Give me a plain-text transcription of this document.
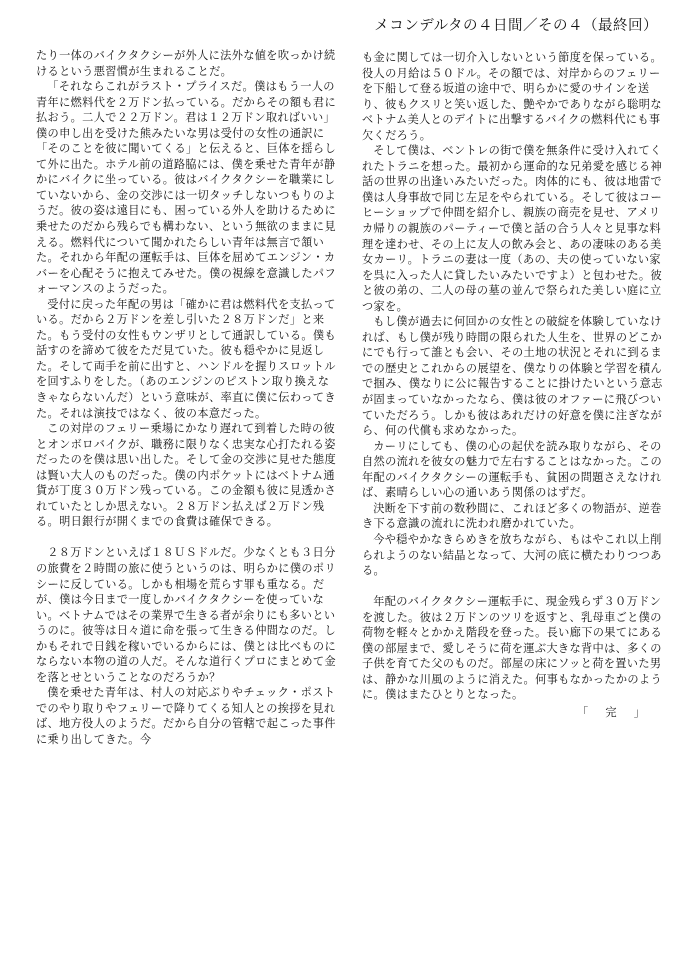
メコンデルタの４日間／その４（最終回）

たり一体のバイクタクシーが外人に法外な値を吹っかけ続けるという悪習慣が生まれることだ。

「それならこれがラスト・プライスだ。僕はもう一人の青年に燃料代を２万ドン払っている。だからその額も君に払おう。二人で２２万ドン。君は１２万ドン取ればいい」僕の申し出を受けた熊みたいな男は受付の女性の通訳に「そのことを彼に聞いてくる」と伝えると、巨体を揺らして外に出た。ホテル前の道路脇には、僕を乗せた青年が静かにバイクに坐っている。彼はバイクタクシーを職業にしていないから、金の交渉には一切タッチしないつもりのようだ。彼の姿は遠目にも、困っている外人を助けるために乗せたのだから残らでも構わない、という無欲のままに見える。燃料代について聞かれたらしい青年は無言で頷いた。それから年配の運転手は、巨体を屈めてエンジン・カバーを心配そうに抱えてみせた。僕の視線を意識したパフォーマンスのようだった。

受付に戻った年配の男は「確かに君は燃料代を支払っている。だから２万ドンを差し引いた２８万ドンだ」と来た。もう受付の女性もウンザリとして通訳している。僕も話すのを諦めて彼をただ見ていた。彼も穏やかに見返した。そして両手を前に出すと、ハンドルを握りスロットルを回すふりをした。（あのエンジンのピストン取り換えなきゃならないんだ）という意味が、率直に僕に伝わってきた。それは演技ではなく、彼の本意だった。

この対岸のフェリー乗場にかなり遅れて到着した時の彼とオンボロバイクが、職務に限りなく忠実な心打たれる姿だったのを僕は思い出した。そして金の交渉に見せた態度は賢い大人のものだった。僕の内ポケットにはベトナム通貨が丁度３０万ドン残っている。この金額も彼に見透かされていたとしか思えない。２８万ドン払えば２万ドン残る。明日銀行が開くまでの食費は確保できる。

２８万ドンといえば１８ＵＳドルだ。少なくとも３日分の旅費を２時間の旅に使うというのは、明らかに僕のポリシーに反している。しかも相場を荒らす罪も重なる。だが、僕は今日まで一度しかバイクタクシーを使っていない。ベトナムではその業界で生きる者が余りにも多いというのに。彼等は日々道に命を張って生きる仲間なのだ。しかもそれで日銭を稼いでいるからには、僕とは比べものにならない本物の道の人だ。そんな道行くプロにまとめて金を落とせということなのだろうか？

僕を乗せた青年は、村人の対応ぶりやチェック・ポストでのやり取りやフェリーで降りてくる知人との挨拶を見れば、地方役人のようだ。だから自分の管轄で起こった事件に乗り出してきた。今

も金に関しては一切介入しないという節度を保っている。役人の月給は５０ドル。その額では、対岸からのフェリーを下船して登る坂道の途中で、明らかに愛のサインを送り、彼もクスリと笑い返した、艶やかでありながら聡明なベトナム美人とのデイトに出撃するバイクの燃料代にも事欠くだろう。

そして僕は、ベントレの街で僕を無条件に受け入れてくれたトラニを想った。最初から運命的な兄弟愛を感じる神話の世界の出逢いみたいだった。肉体的にも、彼は地雷で僕は人身事故で同じ左足をやられている。そして彼はコーヒーショップで仲間を紹介し、親族の商売を見せ、アメリカ帰りの親族のパーティーで僕と話の合う人々と見事な料理を達わせ、その上に友人の飲み会と、あの凄味のある美女カーリ。トラニの妻は一度（あの、夫の使っていない家を呉に入った人に貸したいみたいですよ）と包わせた。彼と彼の弟の、二人の母の墓の並んで祭られた美しい庭に立つ家を。

もし僕が過去に何回かの女性との破綻を体験していなければ、もし僕が残り時間の限られた人生を、世界のどこかにでも行って誰とも会い、その土地の状況とそれに到るまでの歴史とこれからの展望を、僕なりの体験と学習を積んで掴み、僕なりに公に報告することに掛けたいという意志が固まっていなかったなら、僕は彼のオファーに飛びついていただろう。しかも彼はあれだけの好意を僕に注ぎながら、何の代償も求めなかった。

カーリにしても、僕の心の起伏を読み取りながら、その自然の流れを彼女の魅力で左右することはなかった。この年配のバイクタクシーの運転手も、貧困の問題さえなければ、素晴らしい心の通いあう関係のはずだ。

決断を下す前の数秒間に、これほど多くの物語が、逆巻き下る意識の流れに洗われ磨かれていた。

今や穏やかなきらめきを放ちながら、もはやこれ以上削られようのない結晶となって、大河の底に横たわりつつある。

年配のバイクタクシー運転手に、現金残らず３０万ドンを渡した。彼は２万ドンのツリを返すと、乳母車ごと僕の荷物を軽々とかかえ階段を登った。長い廊下の果てにある僕の部屋まで、愛しそうに荷を運ぶ大きな背中は、多くの子供を育てた父のものだ。部屋の床にソッと荷を置いた男は、静かな川風のように消えた。何事もなかったかのように。僕はまたひとりとなった。

「　完　」
